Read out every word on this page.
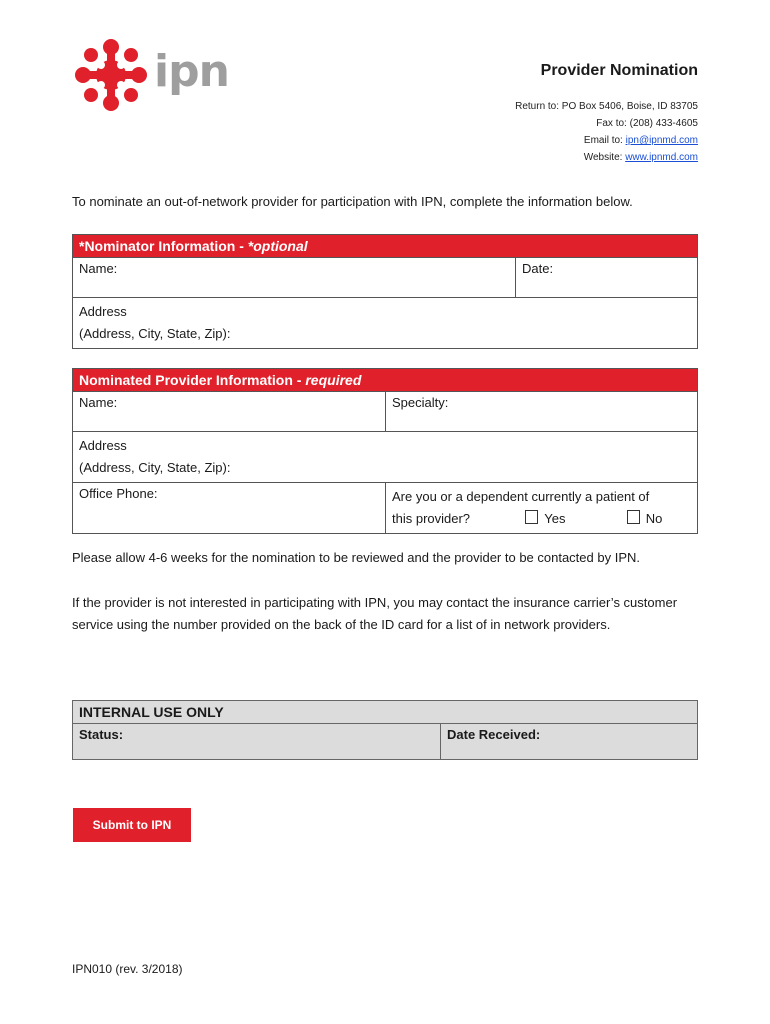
ipn	Provider Nomination
Return to: PO Box 5406, Boise, ID 83705
Fax to: (208) 433-4605
Email to: ipn@ipnmd.com
Website: www.ipnmd.com
To nominate an out-of-network provider for participation with IPN, complete the information below.
*Nominator Information - *optional
Name:	Date:

Address
(Address, City, State, Zip):
Nominated Provider Information - required	
Name:	Specialty:

Address
(Address, City, State, Zip):	

Office Phone:	Are you or a dependent currently a patient of
this provider? Yes No
Please allow 4-6 weeks for the nomination to be reviewed and the provider to be contacted by IPN.
If the provider is not interested in participating with IPN, you may contact the insurance carrier’s customer service using the number provided on the back of the ID card for a list of in network providers.
INTERNAL USE ONLY
Status:	Date Received:
Submit to IPN
IPN010 (rev. 3/2018)
